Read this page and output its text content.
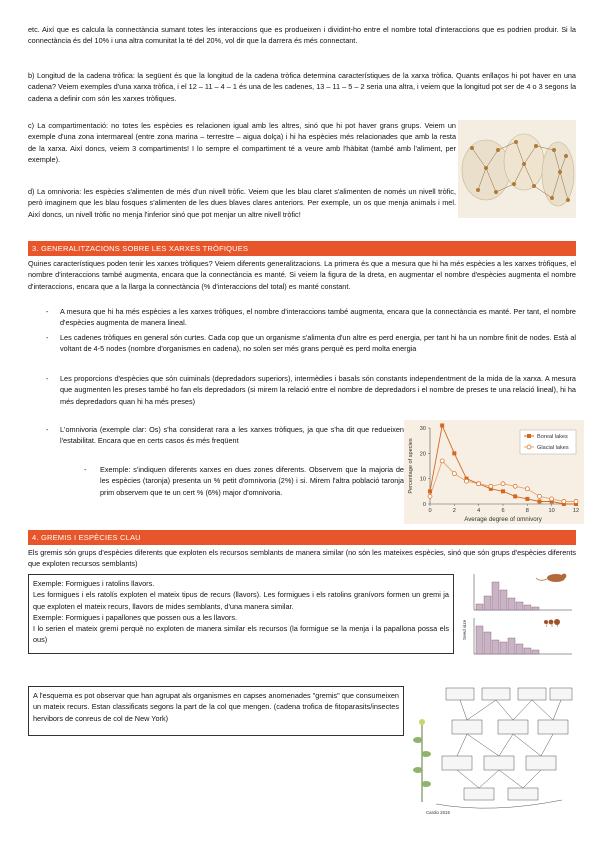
etc. Així que es calcula la connectància sumant totes les interaccions que es produeixen i dividint-ho entre el nombre total d'interaccions que es podrien produir. Si la connectància és del 10% i una altra comunitat la té del 20%, vol dir que la darrera és més connectant.

b) Longitud de la cadena tròfica: la següent és que la longitud de la cadena tròfica determina característiques de la xarxa tròfica. Quants enllaços hi pot haver en una cadena? Veiem exemples d'una xarxa tròfica, i el 12 – 11 – 4 – 1 és una de les cadenes, 13 – 11 – 5 – 2 seria una altra, i veiem que la longitud pot ser de 4 o 3 segons la cadena a definir com són les xarxes tròfiques.

c) La compartimentació: no totes les espècies es relacionen igual amb les altres, sinó que hi pot haver grans grups. Veiem un exemple d'una zona intermareal (entre zona marina – terrestre – aigua dolça) i hi ha espècies més relacionades que amb la resta de la xarxa. Així doncs, veiem 3 compartiments! I lo sempre el compartiment té a veure amb l'hàbitat (també amb l'aliment, per exemple).

d) La omnivoria: les espècies s'alimenten de més d'un nivell tròfic. Veiem que les blau claret s'alimenten de només un nivell tròfic, però imaginem que les blau fosques s'alimenten de les dues blaves clares anteriors. Per exemple, un os que menja animals i mel. Així doncs, un nivell tròfic no menja l'inferior sinó que pot menjar un altre nivell tròfic!

3. GENERALITZACIONS SOBRE LES XARXES TRÒFIQUES

Quines característiques poden tenir les xarxes tròfiques? Veiem diferents generalitzacions. La primera és que a mesura que hi ha més espècies a les xarxes tròfiques, el nombre d'interaccions també augmenta, encara que la connectància es manté. Si veiem la figura de la dreta, en augmentar el nombre d'espècies augmenta el nombre d'interaccions, encara que a la llarga la connectància (% d'interaccions del total) es manté constant.

- A mesura que hi ha més espècies a les xarxes tròfiques, el nombre d'interaccions també augmenta, encara que la connectància es manté. Per tant, el nombre d'espècies augmenta de manera lineal.
- Les cadenes tròfiques en general són curtes. Cada cop que un organisme s'alimenta d'un altre es perd energia, per tant hi ha un nombre finit de nodes. Està al voltant de 4-5 nodes (nombre d'organismes en cadena), no solen ser més grans perquè es perd molta energia
- Les proporcions d'espècies que són cuiminals (depredadors superiors), intermèdies i basals són constants independentment de la mida de la xarxa. A mesura que augmenten les preses també ho fan els depredadors (si mirem la relació entre el nombre de depredadors i el nombre de preses te una relació lineal), hi ha més depredadors quan hi ha més preses)
- L'omnivoria (exemple clar: Os) s'ha considerat rara a les xarxes tròfiques, ja que s'ha dit que redueixen l'estabilitat. Encara que en certs casos és més freqüent
- Exemple: s'indiquen diferents xarxes en dues zones diferents. Observem que la majoria de les espècies (taronja) presenta un % petit d'omnivoria (2%) i si. Mirem l'altra població taronja prim observem que te un cert % (6%) major d'omnivoria.
0	2	4	6	8	10	12
0
10
20
30
Average degree of omnivory
Percentage of species
Boreal lakes
Glacial lakes
4. GREMIS I ESPÈCIES CLAU

Els gremis són grups d'espècies diferents que exploten els recursos semblants de manera similar (no són les mateixes espècies, sinó que són grups d'espècies diferents que exploten recursos semblants)

Exemple: Formigues i ratolins llavors.

Les formigues i els ratolís exploten el mateix tipus de recurs (llavors). Les formigues i els ratolins granívors formen un gremi ja que exploten el mateix recurs, llavors de mides semblants, d'una manera similar.

Exemple: Formigues i papallones que possen ous a les llavors.

I lo serien el mateix gremi perquè no exploten de manera similar els recursos (la formigue se la menja i la papallona possa els ous)	Seed size

A l'esquema es pot observar que han agrupat als organismes en capses anomenades "gremis" que consumeixen un mateix recurs. Estan classificats segons la part de la col que mengen. (cadena trofica de fitoparasits/insectes hervibors de conreus de col de New York)

Cardio 2015
